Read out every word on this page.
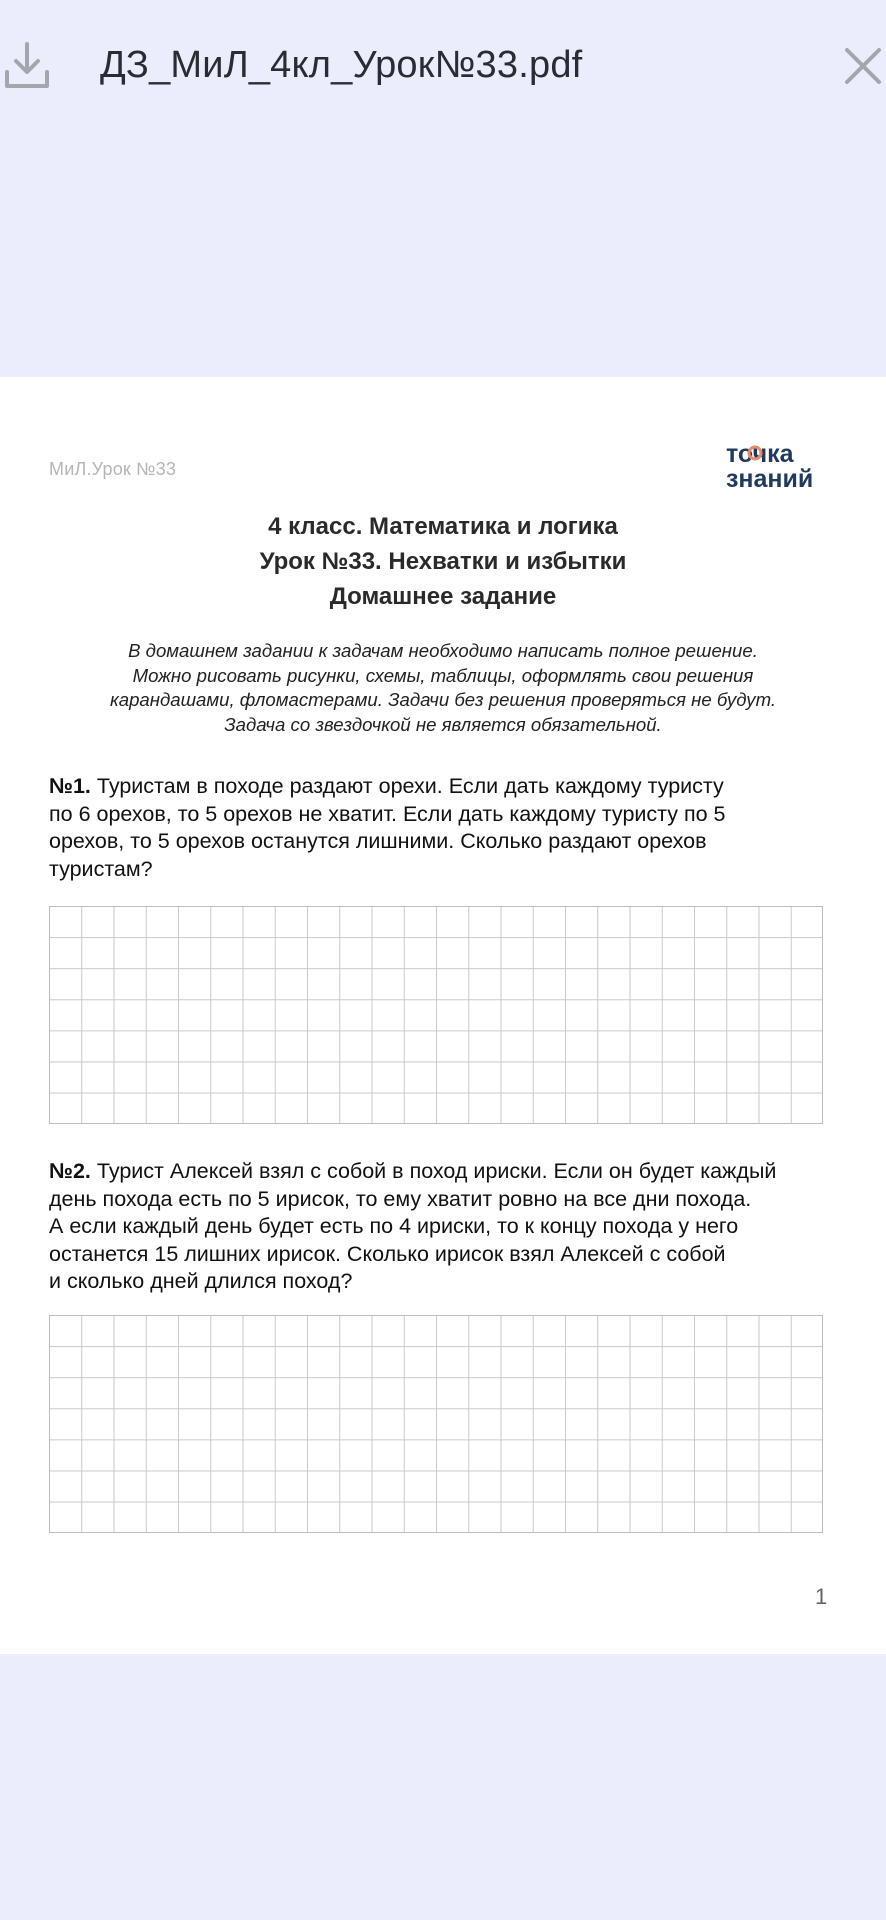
ДЗ_МиЛ_4кл_Урок№33.pdf
МиЛ.Урок №33
точка
знаний
4 класс. Математика и логика
Урок №33. Нехватки и избытки
Домашнее задание
В домашнем задании к задачам необходимо написать полное решение.
Можно рисовать рисунки, схемы, таблицы, оформлять свои решения
карандашами, фломастерами. Задачи без решения проверяться не будут.
Задача со звездочкой не является обязательной.
№1. Туристам в походе раздают орехи. Если дать каждому туристу
по 6 орехов, то 5 орехов не хватит. Если дать каждому туристу по 5
орехов, то 5 орехов останутся лишними. Сколько раздают орехов
туристам?
№2. Турист Алексей взял с собой в поход ириски. Если он будет каждый
день похода есть по 5 ирисок, то ему хватит ровно на все дни похода.
А если каждый день будет есть по 4 ириски, то к концу похода у него
останется 15 лишних ирисок. Сколько ирисок взял Алексей с собой
и сколько дней длился поход?
1
